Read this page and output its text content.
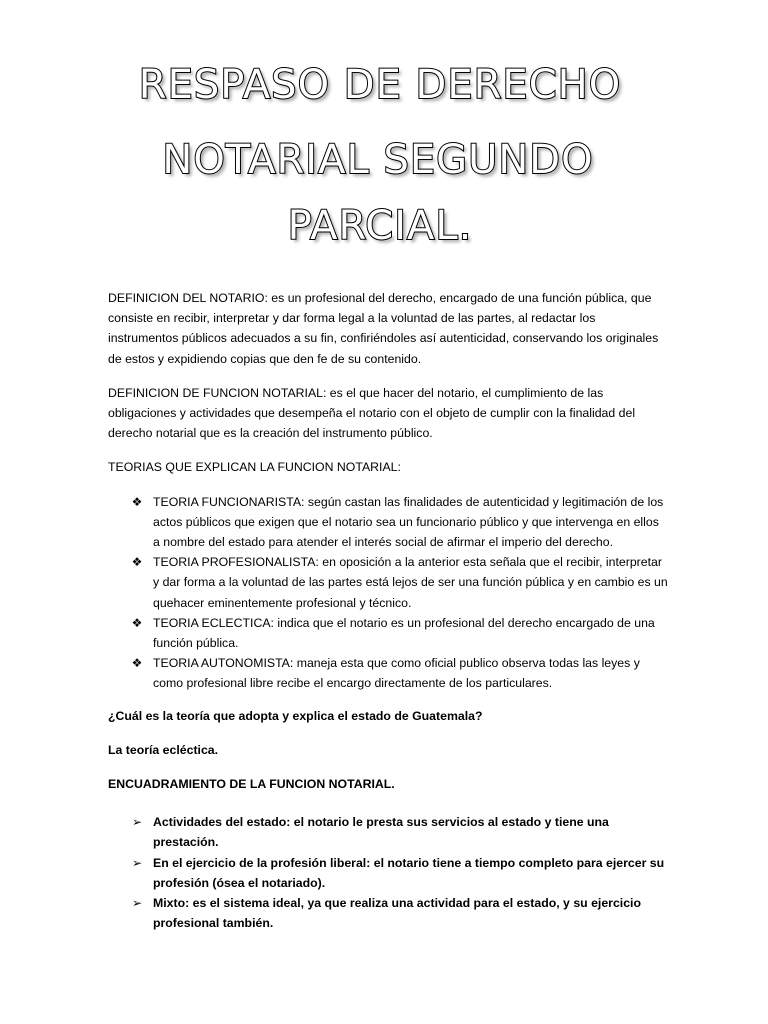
RESPASO DE DERECHO
NOTARIAL SEGUNDO
PARCIAL.

DEFINICION DEL NOTARIO: es un profesional del derecho, encargado de una función pública, que consiste en recibir, interpretar y dar forma legal a la voluntad de las partes, al redactar los instrumentos públicos adecuados a su fin, confiriéndoles así autenticidad, conservando los originales de estos y expidiendo copias que den fe de su contenido.

DEFINICION DE FUNCION NOTARIAL: es el que hacer del notario, el cumplimiento de las obligaciones y actividades que desempeña el notario con el objeto de cumplir con la finalidad del derecho notarial que es la creación del instrumento público.

TEORIAS QUE EXPLICAN LA FUNCION NOTARIAL:

❖ TEORIA FUNCIONARISTA: según castan las finalidades de autenticidad y legitimación de los actos públicos que exigen que el notario sea un funcionario público y que intervenga en ellos a nombre del estado para atender el interés social de afirmar el imperio del derecho.
❖ TEORIA PROFESIONALISTA: en oposición a la anterior esta señala que el recibir, interpretar y dar forma a la voluntad de las partes está lejos de ser una función pública y en cambio es un quehacer eminentemente profesional y técnico.
❖ TEORIA ECLECTICA: indica que el notario es un profesional del derecho encargado de una función pública.
❖ TEORIA AUTONOMISTA: maneja esta que como oficial publico observa todas las leyes y como profesional libre recibe el encargo directamente de los particulares.

¿Cuál es la teoría que adopta y explica el estado de Guatemala?

La teoría ecléctica.

ENCUADRAMIENTO DE LA FUNCION NOTARIAL.

➢ Actividades del estado: el notario le presta sus servicios al estado y tiene una prestación.
➢ En el ejercicio de la profesión liberal: el notario tiene a tiempo completo para ejercer su profesión (ósea el notariado).
➢ Mixto: es el sistema ideal, ya que realiza una actividad para el estado, y su ejercicio profesional también.
